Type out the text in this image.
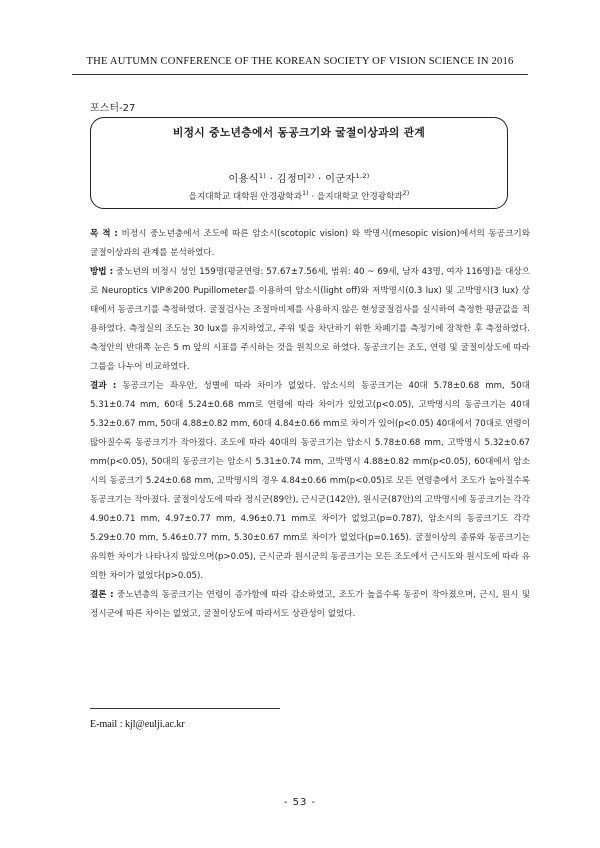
THE AUTUMN CONFERENCE OF THE KOREAN SOCIETY OF VISION SCIENCE IN 2016
포스터-27
비정시 중노년층에서 동공크기와 굴절이상과의 관계
이용식$^{1)}$ · 김정미$^{2)}$ · 이군자$^{1,2)}$
을지대학교 대학원 안경광학과$^{1)}$ · 을지대학교 안경광학과$^{2)}$

목 적 : 비정시 중노년층에서 조도에 따른 암소시(scotopic vision) 와 박명시(mesopic vision)에서의 동공크기와 굴절이상과의 관계를 분석하였다.

방법 : 중노년의 비정시 성인 159명(평균연령: 57.67±7.56세, 범위: 40 ~ 69세, 남자 43명, 여자 116명)을 대상으로 Neuroptics VIP®200 Pupillometer를 이용하여 암소시(light off)와 저박명시(0.3 lux) 및 고박명시(3 lux) 상태에서 동공크기를 측정하였다. 굴절검사는 조절마비제를 사용하지 않은 현성굴절검사를 실시하여 측정한 평균값을 적용하였다. 측정실의 조도는 30 lux를 유지하였고, 주위 빛을 차단하기 위한 차폐기를 측정기에 장착한 후 측정하였다. 측정안의 반대쪽 눈은 5 m 앞의 시표를 주시하는 것을 원칙으로 하였다. 동공크기는 조도, 연령 및 굴절이상도에 따라 그룹을 나누어 비교하였다.

결과 : 동공크기는 좌우안, 성별에 따라 차이가 없었다. 암소시의 동공크기는 40대 5.78±0.68 mm, 50대 5.31±0.74 mm, 60대 5.24±0.68 mm로 연령에 따라 차이가 있었고(p<0.05), 고박명시의 동공크기는 40대 5.32±0.67 mm, 50대 4.88±0.82 mm, 60대 4.84±0.66 mm로 차이가 있어(p<0.05) 40대에서 70대로 연령이 많아질수록 동공크기가 작아졌다. 조도에 따라 40대의 동공크기는 암소시 5.78±0.68 mm, 고박명시 5.32±0.67 mm(p<0.05), 50대의 동공크기는 암소시 5.31±0.74 mm, 고박명시 4.88±0.82 mm(p<0.05), 60대에서 암소시의 동공크기 5.24±0.68 mm, 고박명시의 경우 4.84±0.66 mm(p<0.05)로 모든 연령층에서 조도가 높아질수록 동공크기는 작아졌다. 굴절이상도에 따라 정시군(89안), 근시군(142안), 원시군(87안)의 고박명시에 동공크기는 각각 4.90±0.71 mm, 4.97±0.77 mm, 4.96±0.71 mm로 차이가 없었고(p=0.787), 암소시의 동공크기도 각각 5.29±0.70 mm, 5.46±0.77 mm, 5.30±0.67 mm로 차이가 없었다(p=0.165). 굴절이상의 종류와 동공크기는 유의한 차이가 나타나지 않았으며(p>0.05), 근시군과 원시군의 동공크기는 모든 조도에서 근시도와 원시도에 따라 유의한 차이가 없었다(p>0.05).

결론 : 중노년층의 동공크기는 연령이 증가함에 따라 감소하였고, 조도가 높을수록 동공이 작아졌으며, 근시, 원시 및 정시군에 따른 차이는 없었고, 굴절이상도에 따라서도 상관성이 없었다.

E-mail : kjl@eulji.ac.kr
- 53 -
